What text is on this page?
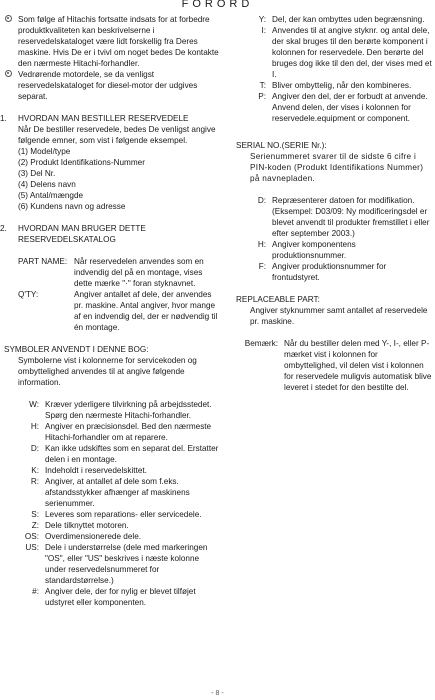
FORORD

Som følge af Hitachis fortsatte indsats for at forbedre produktkvaliteten kan beskrivelserne i reservedelskataloget være lidt forskellig fra Deres maskine. Hvis De er i tvivl om noget bedes De kontakte den nærmeste Hitachi-forhandler.

Vedrørende motordele, se da venligst reservedelskataloget for diesel-motor der udgives separat.

1. HVORDAN MAN BESTILLER RESERVEDELE

Når De bestiller reservedele, bedes De venligst angive følgende emner, som vist i følgende eksempel.

(1) Model/type

(2) Produkt Identifikations-Nummer

(3) Del Nr.

(4) Delens navn

(5) Antal/mængde

(6) Kundens navn og adresse

2. HVORDAN MAN BRUGER DETTE

RESERVEDELSKATALOG

PART NAME: Når reservedelen anvendes som en indvendig del på en montage, vises dette mærke "·" foran styknavnet.
Q'TY:	Angiver antallet af dele, der anvendes pr. maskine. Antal angiver, hvor mange af en indvendig del, der er nødvendig til én montage.

SYMBOLER ANVENDT I DENNE BOG:

Symbolerne vist i kolonnerne for servicekoden og ombyttelighed anvendes til at angive følgende information.

W: Kræver yderligere tilvirkning på arbejdsstedet. Spørg den nærmeste Hitachi-forhandler.
H: Angiver en præcisionsdel. Bed den nærmeste Hitachi-forhandler om at reparere.
D: Kan ikke udskiftes som en separat del. Erstatter delen i en montage.
K: Indeholdt i reservedelskittet.
R: Angiver, at antallet af dele som f.eks. afstandsstykker afhænger af maskinens serienummer.
S: Leveres som reparations- eller servicedele.
Z: Dele tilknyttet motoren.
OS: Overdimensionerede dele.
US: Dele i understørrelse (dele med markeringen "OS", eller "US" beskrives i næste kolonne under reservedelsnummeret for standardstørrelse.)
#: Angiver dele, der for nylig er blevet tilføjet udstyret eller komponenten.
Y: Del, der kan ombyttes uden begrænsning.
I: Anvendes til at angive styknr. og antal dele, der skal bruges til den berørte komponent i kolonnen for reservedele. Den berørte del bruges dog ikke til den del, der vises med et I.
T: Bliver ombyttelig, når den kombineres.
P: Angiver den del, der er forbudt at anvende. Anvend delen, der vises i kolonnen for reservedele.equipment or component.

SERIAL NO.(SERIE Nr.):

Serienummeret svarer til de sidste 6 cifre i PIN-koden (Produkt Identifikations Nummer) på navnepladen.

D: Repræsenterer datoen for modifikation. (Eksempel: D03/09: Ny modificeringsdel er blevet anvendt til produkter fremstillet i eller efter september 2003.)
H: Angiver komponentens produktionsnummer.
F: Angiver produktionsnummer for frontudstyret.

REPLACEABLE PART:

Angiver styknummer samt antallet af reservedele pr. maskine.

Bemærk: Når du bestiller delen med Y-, I-, eller P-mærket vist i kolonnen for ombyttelighed, vil delen vist i kolonnen for reservedele muligvis automatisk blive leveret i stedet for den bestilte del.
- 8 -
